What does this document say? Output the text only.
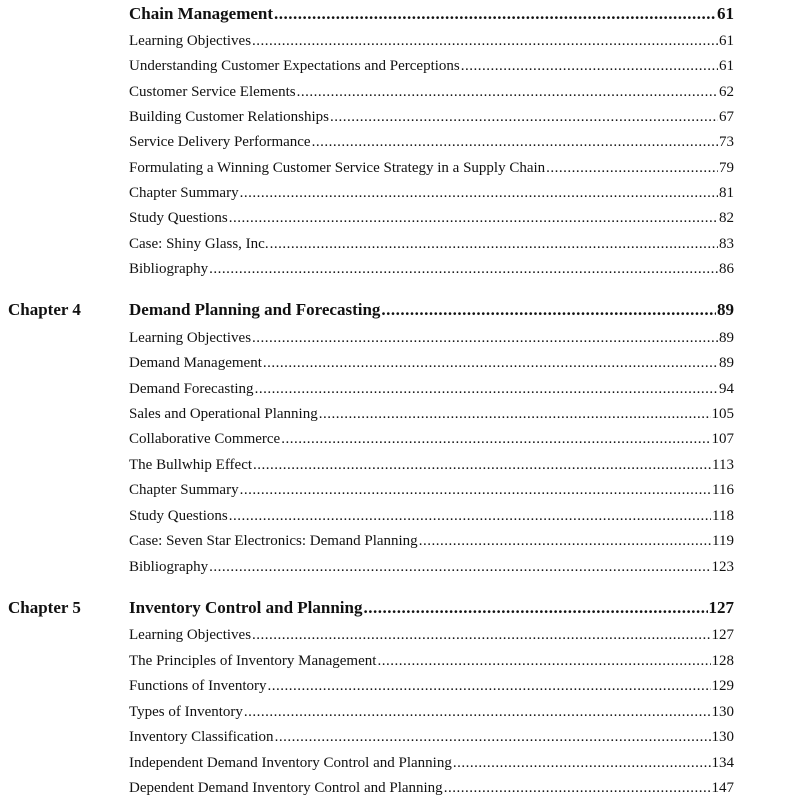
Chain Management .....	61
Learning Objectives .....	61
Understanding Customer Expectations and Perceptions .....	61
Customer Service Elements .....	62
Building Customer Relationships .....	67
Service Delivery Performance .....	73
Formulating a Winning Customer Service Strategy in a Supply Chain .....	79
Chapter Summary .....	81
Study Questions .....	82
Case: Shiny Glass, Inc. .....	83
Bibliography .....	86
Chapter 4	Demand Planning and Forecasting .....	89
Learning Objectives .....	89
Demand Management .....	89
Demand Forecasting .....	94
Sales and Operational Planning .....	105
Collaborative Commerce .....	107
The Bullwhip Effect .....	113
Chapter Summary .....	116
Study Questions .....	118
Case: Seven Star Electronics: Demand Planning .....	119
Bibliography .....	123
Chapter 5	Inventory Control and Planning .....	127
Learning Objectives .....	127
The Principles of Inventory Management .....	128
Functions of Inventory .....	129
Types of Inventory .....	130
Inventory Classification .....	130
Independent Demand Inventory Control and Planning .....	134
Dependent Demand Inventory Control and Planning .....	147
